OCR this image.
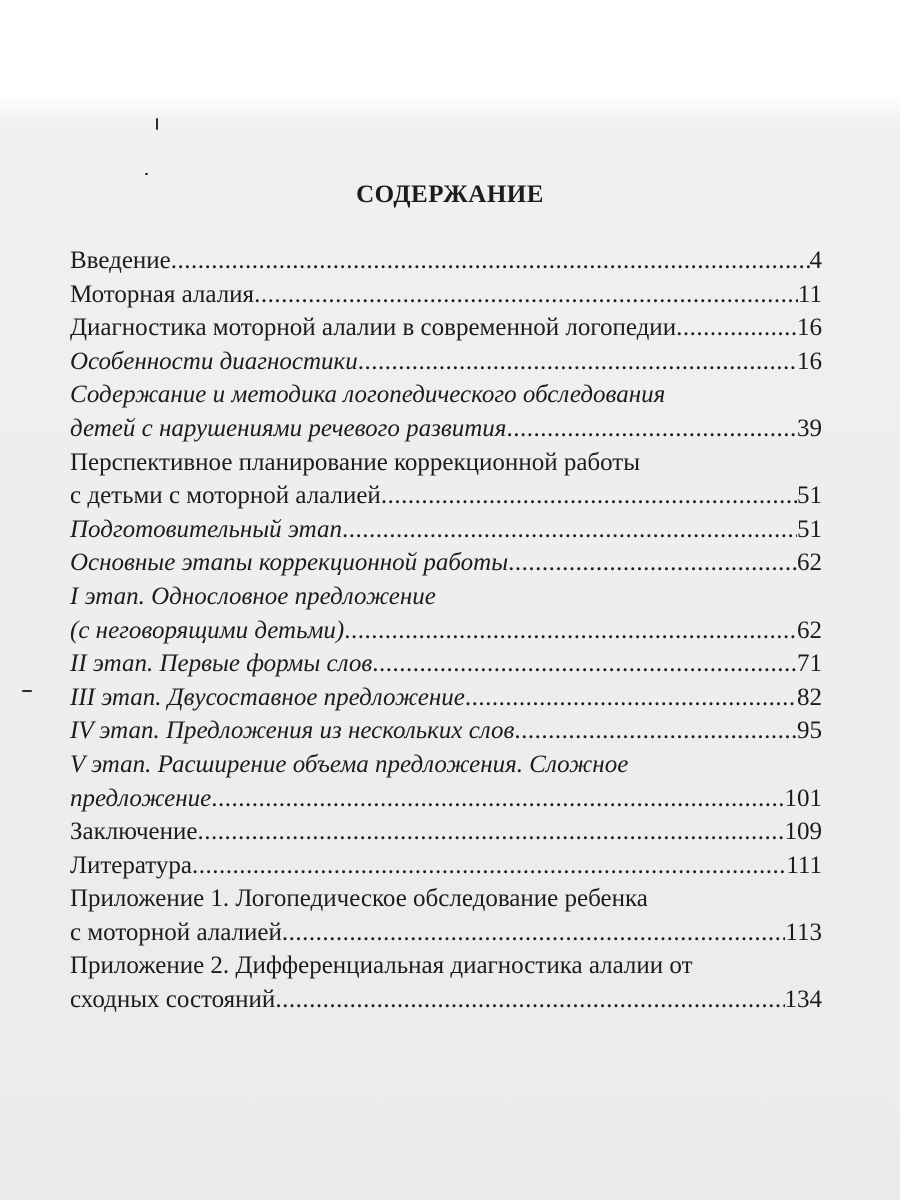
СОДЕРЖАНИЕ
Введение .....	4
Моторная алалия .....	11
Диагностика моторной алалии в современной логопедии .....	16
Особенности диагностики .....	16
Содержание и методика логопедического обследования
детей с нарушениями речевого развития .....	39
Перспективное планирование коррекционной работы
с детьми с моторной алалией .....	51
Подготовительный этап .....	51
Основные этапы коррекционной работы .....	62
I этап. Однословное предложение
(с неговорящими детьми) .....	62
II этап. Первые формы слов .....	71
III этап. Двусоставное предложение .....	82
IV этап. Предложения из нескольких слов .....	95
V этап. Расширение объема предложения. Сложное
предложение .....	101
Заключение .....	109
Литература .....	111
Приложение 1. Логопедическое обследование ребенка
с моторной алалией .....	113
Приложение 2. Дифференциальная диагностика алалии от
сходных состояний .....	134
